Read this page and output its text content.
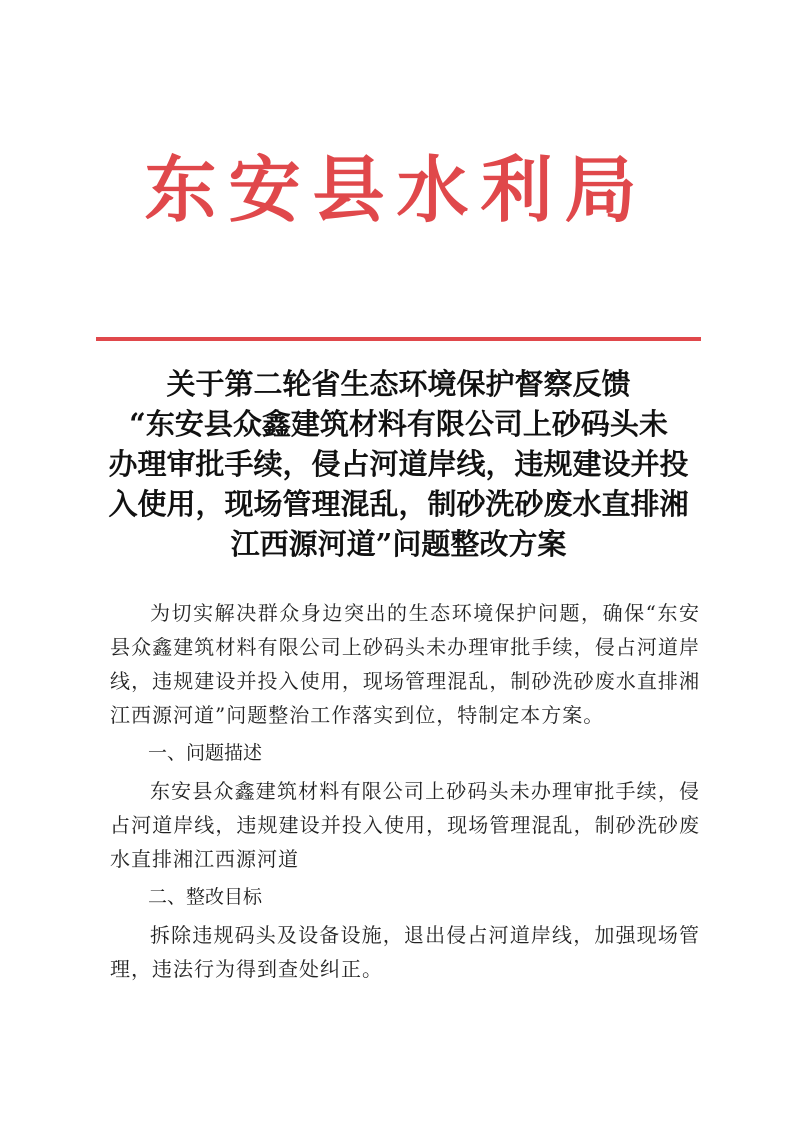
东安县水利局
关于第二轮省生态环境保护督察反馈
“东安县众鑫建筑材料有限公司上砂码头未
办理审批手续，侵占河道岸线，违规建设并投
入使用，现场管理混乱，制砂洗砂废水直排湘
江西源河道”问题整改方案

为切实解决群众身边突出的生态环境保护问题，确保“东安县众鑫建筑材料有限公司上砂码头未办理审批手续，侵占河道岸线，违规建设并投入使用，现场管理混乱，制砂洗砂废水直排湘江西源河道”问题整治工作落实到位，特制定本方案。

一、问题描述

东安县众鑫建筑材料有限公司上砂码头未办理审批手续，侵占河道岸线，违规建设并投入使用，现场管理混乱，制砂洗砂废水直排湘江西源河道

二、整改目标

拆除违规码头及设备设施，退出侵占河道岸线，加强现场管理，违法行为得到查处纠正。
